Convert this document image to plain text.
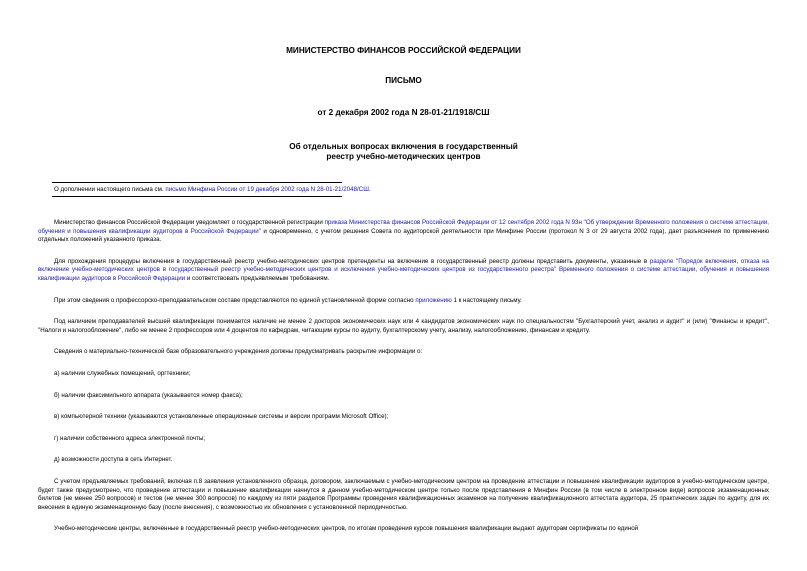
МИНИСТЕРСТВО ФИНАНСОВ РОССИЙСКОЙ ФЕДЕРАЦИИ

ПИСЬМО

от 2 декабря 2002 года N 28-01-21/1918/СШ

Об отдельных вопросах включения в государственный

реестр учебно-методических центров

О дополнении настоящего письма см. письмо Минфина России от 19 декабря 2002 года N 28-01-21/2048/СШ.

Министерство финансов Российской Федерации уведомляет о государственной регистрации приказа Министерства финансов Российской Федерации от 12 сентября 2002 года N 93н "Об утверждении Временного положения о системе аттестации, обучения и повышения квалификации аудиторов в Российской Федерации" и одновременно, с учетом решения Совета по аудиторской деятельности при Минфине России (протокол N 3 от 29 августа 2002 года), дает разъяснения по применению отдельных положений указанного приказа.

Для прохождения процедуры включения в государственный реестр учебно-методических центров претенденты на включение в государственный реестр должны представить документы, указанные в разделе "Порядок включения, отказа на включение учебно-методических центров в государственный реестр учебно-методических центров и исключения учебно-методических центров из государственного реестра" Временного положения о системе аттестации, обучения и повышения квалификации аудиторов в Российской Федерации и соответствовать предъявляемым требованиям.

При этом сведения о профессорско-преподавательском составе представляются по единой установленной форме согласно приложению 1 к настоящему письму.

Под наличием преподавателей высшей квалификации понимается наличие не менее 2 докторов экономических наук или 4 кандидатов экономических наук по специальностям "Бухгалтерский учет, анализ и аудит" и (или) "Финансы и кредит", "Налоги и налогообложение", либо не менее 2 профессоров или 4 доцентов по кафедрам, читающим курсы по аудиту, бухгалтерскому учету, анализу, налогообложению, финансам и кредиту.

Сведения о материально-технической базе образовательного учреждения должны предусматривать раскрытие информации о:

а) наличии служебных помещений, оргтехники;

б) наличии факсимильного аппарата (указывается номер факса);

в) компьютерной техники (указываются установленные операционные системы и версии программ Microsoft Office);

г) наличии собственного адреса электронной почты;

д) возможности доступа в сеть Интернет.

С учетом предъявляемых требований, включая п.8 заявления установленного образца, договором, заключаемым с учебно-методическим центром на проведение аттестации и повышение квалификации аудиторов в учебно-методическом центре, будет также предусмотрено, что проведение аттестации и повышение квалификации начнутся в данном учебно-методическом центре только после представления в Минфин России (в том числе в электронном виде) вопросов экзаменационных билетов (не менее 250 вопросов) и тестов (не менее 300 вопросов) по каждому из пяти разделов Программы проведения квалификационных экзаменов на получение квалификационного аттестата аудитора, 25 практических задач по аудиту, для их внесения в единую экзаменационную базу (после внесения), с возможностью их обновления с установленной периодичностью.

Учебно-методические центры, включенные в государственный реестр учебно-методических центров, по итогам проведения курсов повышения квалификации выдают аудиторам сертификаты по единой
